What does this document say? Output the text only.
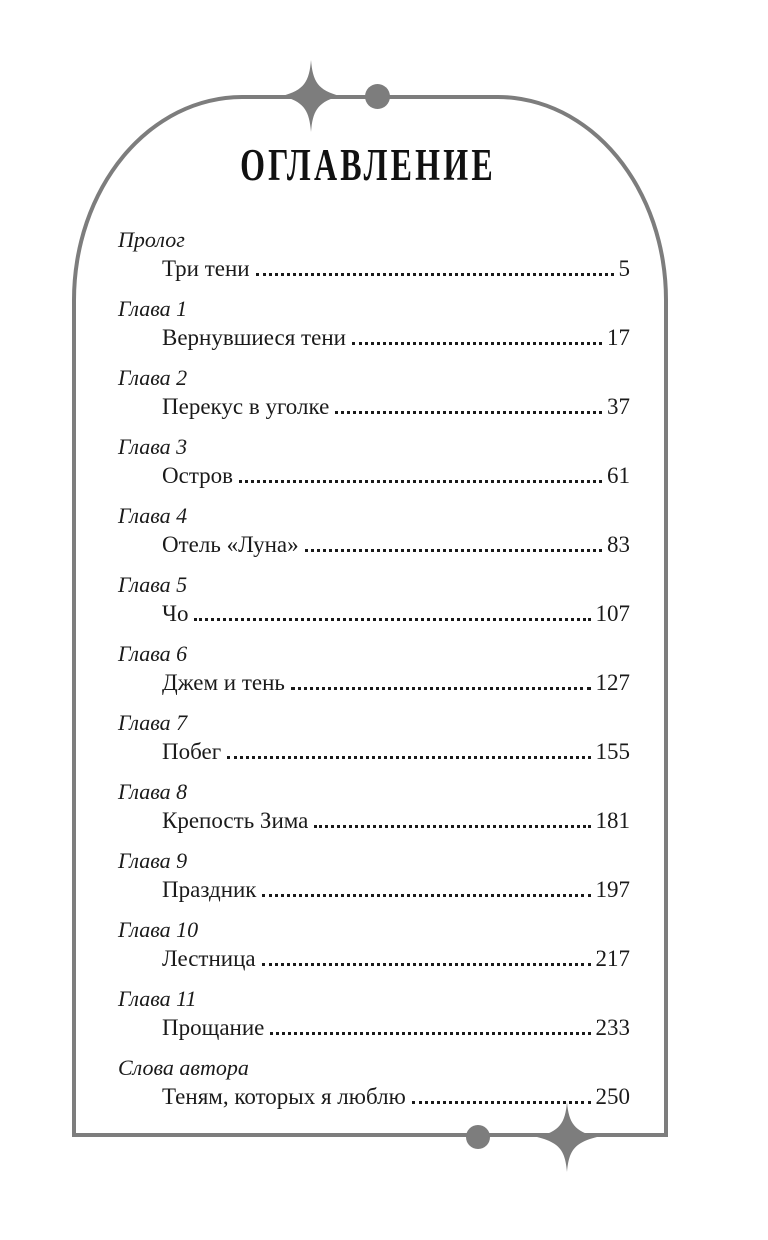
ОГЛАВЛЕНИЕ
Пролог
Три тени	5
Глава 1
Вернувшиеся тени	17
Глава 2
Перекус в уголке	37
Глава 3
Остров	61
Глава 4
Отель «Луна»	83
Глава 5
Чо	107
Глава 6
Джем и тень	127
Глава 7
Побег	155
Глава 8
Крепость Зима	181
Глава 9
Праздник	197
Глава 10
Лестница	217
Глава 11
Прощание	233
Слова автора
Теням, которых я люблю	250
